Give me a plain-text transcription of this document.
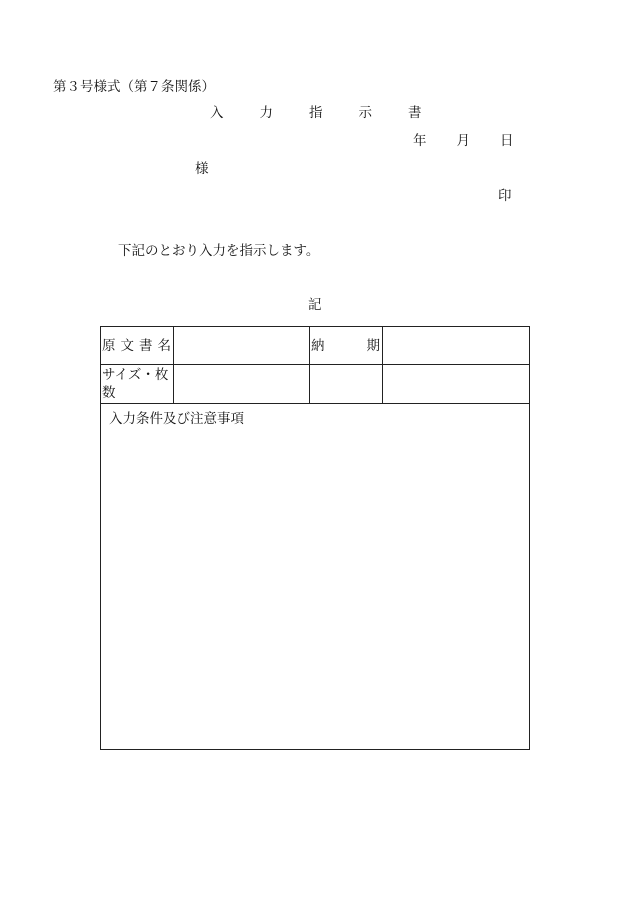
第３号様式（第７条関係）
入　　力　　指　　示　　書
年　　月　　日
様
印
下記のとおり入力を指示します。
記
原 文 書 名	納　　　期
サイズ・枚数
入力条件及び注意事項
